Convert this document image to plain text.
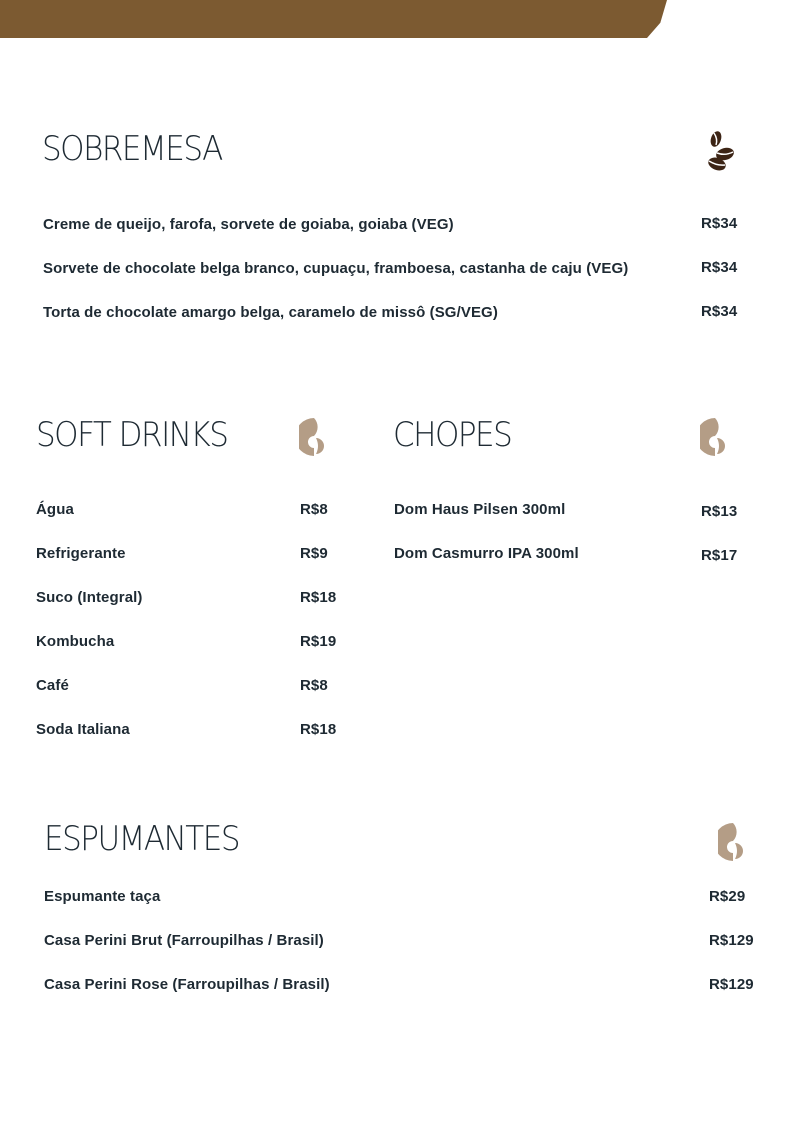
SOBREMESA
Creme de queijo, farofa, sorvete de goiaba, goiaba (VEG)	R$34
Sorvete de chocolate belga branco, cupuaçu, framboesa, castanha de caju (VEG)	R$34
Torta de chocolate amargo belga, caramelo de missô (SG/VEG)	R$34
SOFT DRINKS
Água	R$8
Refrigerante	R$9
Suco (Integral)	R$18
Kombucha	R$19
Café	R$8
Soda Italiana	R$18
CHOPES
Dom Haus Pilsen 300ml	R$13
Dom Casmurro IPA 300ml	R$17
ESPUMANTES
Espumante taça	R$29
Casa Perini Brut (Farroupilhas / Brasil)	R$129
Casa Perini Rose (Farroupilhas / Brasil)	R$129
